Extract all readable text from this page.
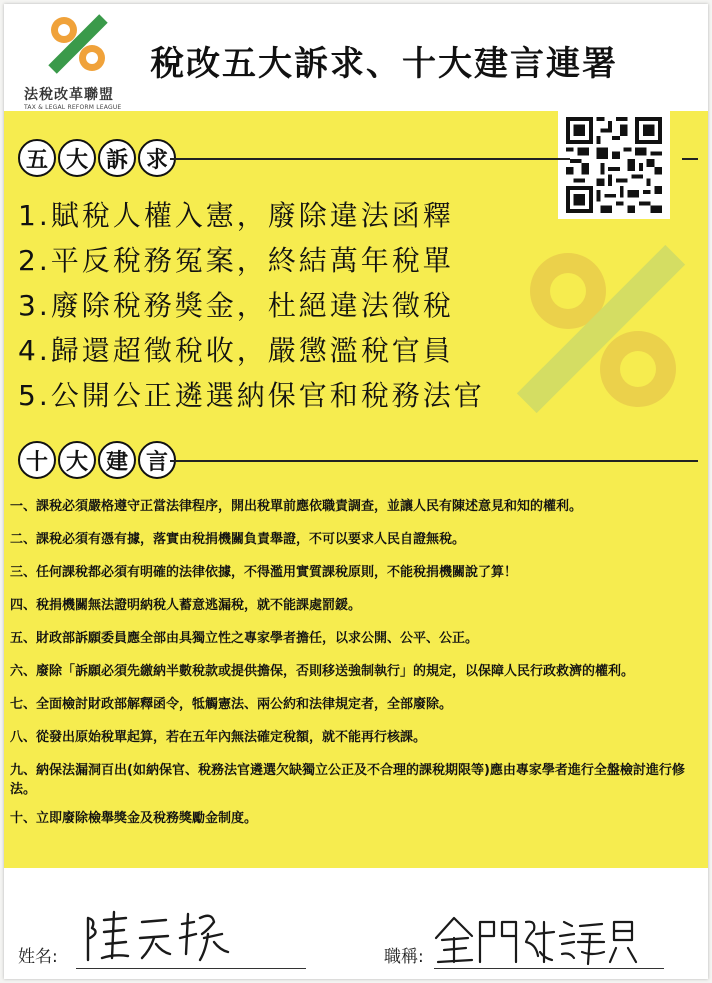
法稅改革聯盟
TAX & LEGAL REFORM LEAGUE
稅改五大訴求、十大建言連署
五 大 訴 求
1.賦稅人權入憲，廢除違法函釋
2.平反稅務冤案，終結萬年稅單
3.廢除稅務獎金，杜絕違法徵稅
4.歸還超徵稅收，嚴懲濫稅官員
5.公開公正遴選納保官和稅務法官
十 大 建 言
一、課稅必須嚴格遵守正當法律程序，開出稅單前應依職責調查，並讓人民有陳述意見和知的權利。
二、課稅必須有憑有據，落實由稅捐機關負責舉證，不可以要求人民自證無稅。
三、任何課稅都必須有明確的法律依據，不得濫用實質課稅原則，不能稅捐機關說了算！
四、稅捐機關無法證明納稅人蓄意逃漏稅，就不能課處罰鍰。
五、財政部訴願委員應全部由具獨立性之專家學者擔任，以求公開、公平、公正。
六、廢除「訴願必須先繳納半數稅款或提供擔保，否則移送強制執行」的規定，以保障人民行政救濟的權利。
七、全面檢討財政部解釋函令，牴觸憲法、兩公約和法律規定者，全部廢除。
八、從發出原始稅單起算，若在五年內無法確定稅額，就不能再行核課。
九、納保法漏洞百出(如納保官、稅務法官遴選欠缺獨立公正及不合理的課稅期限等)應由專家學者進行全盤檢討進行修法。
十、立即廢除檢舉獎金及稅務獎勵金制度。
姓名:	職稱:
